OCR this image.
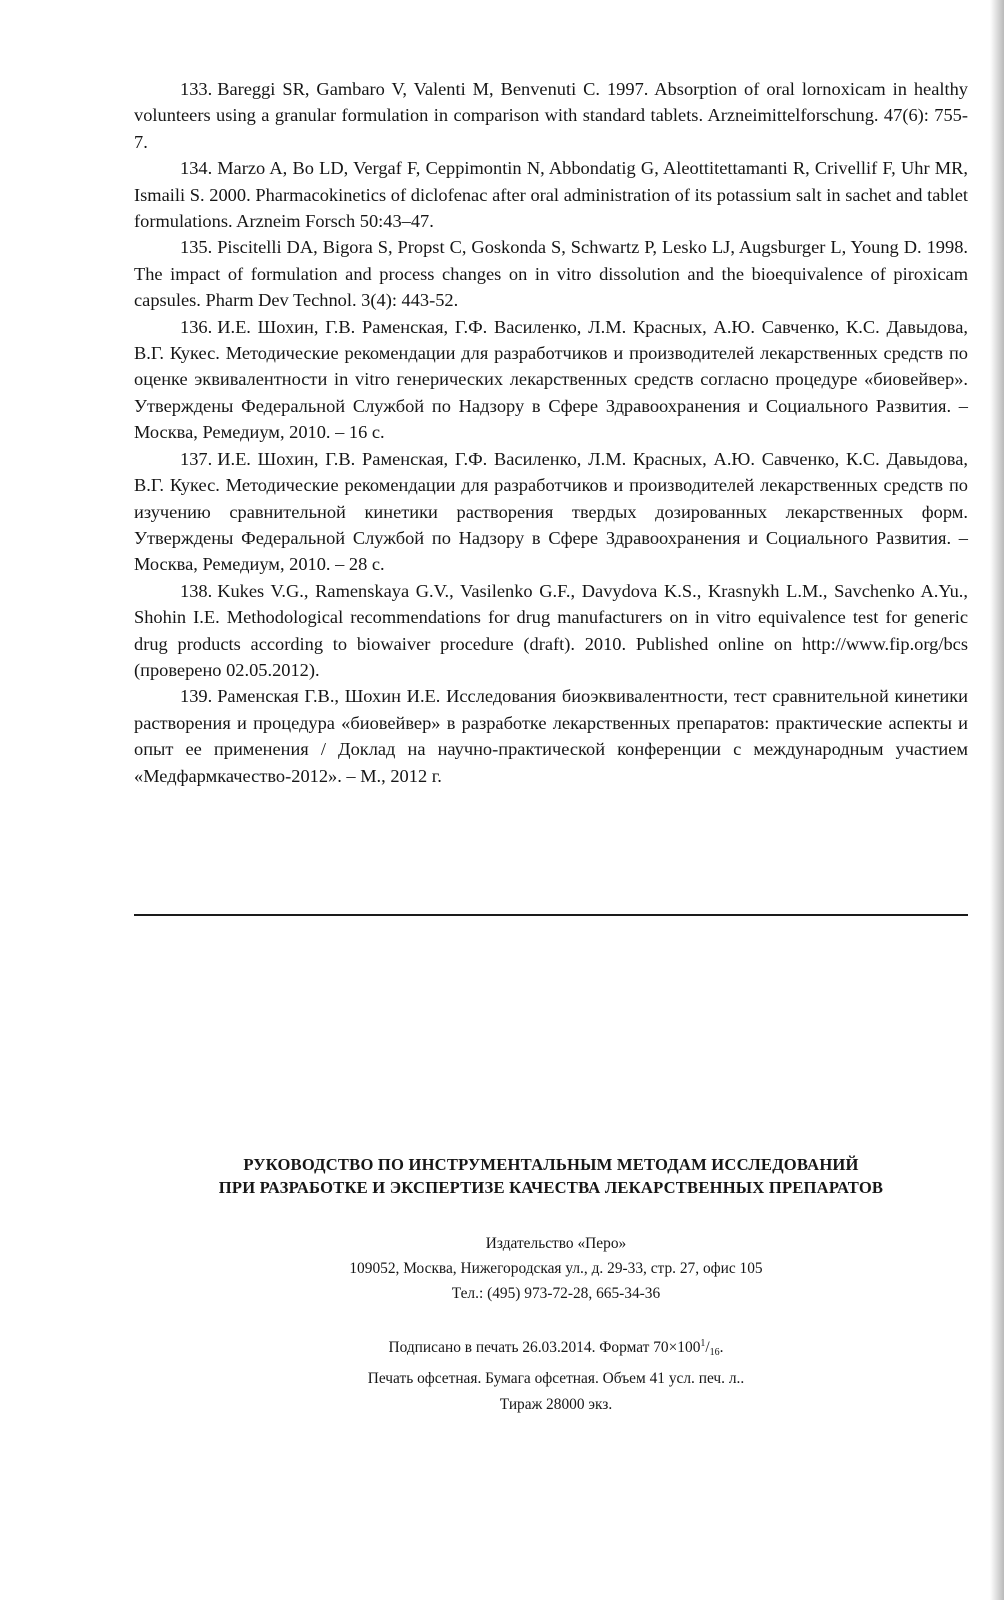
133. Bareggi SR, Gambaro V, Valenti M, Benvenuti C. 1997. Absorption of oral lornoxicam in healthy volunteers using a granular formulation in comparison with standard tablets. Arzneimittelforschung. 47(6): 755-7.

134. Marzo A, Bo LD, Vergaf F, Ceppimontin N, Abbondatig G, Aleottitettamanti R, Crivellif F, Uhr MR, Ismaili S. 2000. Pharmacokinetics of diclofenac after oral administration of its potassium salt in sachet and tablet formulations. Arzneim Forsch 50:43–47.

135. Piscitelli DA, Bigora S, Propst C, Goskonda S, Schwartz P, Lesko LJ, Augsburger L, Young D. 1998. The impact of formulation and process changes on in vitro dissolution and the bioequivalence of piroxicam capsules. Pharm Dev Technol. 3(4): 443-52.

136. И.Е. Шохин, Г.В. Раменская, Г.Ф. Василенко, Л.М. Красных, А.Ю. Савченко, К.С. Давыдова, В.Г. Кукес. Методические рекомендации для разработчиков и производителей лекарственных средств по оценке эквивалентности in vitro генерических лекарственных средств согласно процедуре «биовейвер». Утверждены Федеральной Службой по Надзору в Сфере Здравоохранения и Социального Развития. – Москва, Ремедиум, 2010. – 16 с.

137. И.Е. Шохин, Г.В. Раменская, Г.Ф. Василенко, Л.М. Красных, А.Ю. Савченко, К.С. Давыдова, В.Г. Кукес. Методические рекомендации для разработчиков и производителей лекарственных средств по изучению сравнительной кинетики растворения твердых дозированных лекарственных форм. Утверждены Федеральной Службой по Надзору в Сфере Здравоохранения и Социального Развития. – Москва, Ремедиум, 2010. – 28 с.

138. Kukes V.G., Ramenskaya G.V., Vasilenko G.F., Davydova K.S., Krasnykh L.M., Savchenko A.Yu., Shohin I.E. Methodological recommendations for drug manufacturers on in vitro equivalence test for generic drug products according to biowaiver procedure (draft). 2010. Published online on http://www.fip.org/bcs (проверено 02.05.2012).

139. Раменская Г.В., Шохин И.Е. Исследования биоэквивалентности, тест сравнительной кинетики растворения и процедура «биовейвер» в разработке лекарственных препаратов: практические аспекты и опыт ее применения / Доклад на научно-практической конференции с международным участием «Медфармкачество-2012». – М., 2012 г.

РУКОВОДСТВО ПО ИНСТРУМЕНТАЛЬНЫМ МЕТОДАМ ИССЛЕДОВАНИЙ
ПРИ РАЗРАБОТКЕ И ЭКСПЕРТИЗЕ КАЧЕСТВА ЛЕКАРСТВЕННЫХ ПРЕПАРАТОВ
Издательство «Перо»
109052, Москва, Нижегородская ул., д. 29-33, стр. 27, офис 105
Тел.: (495) 973-72-28, 665-34-36
Подписано в печать 26.03.2014. Формат $70\times 100^1/_{16}$.
Печать офсетная. Бумага офсетная. Объем 41 усл. печ. л..
Тираж 28000 экз.
